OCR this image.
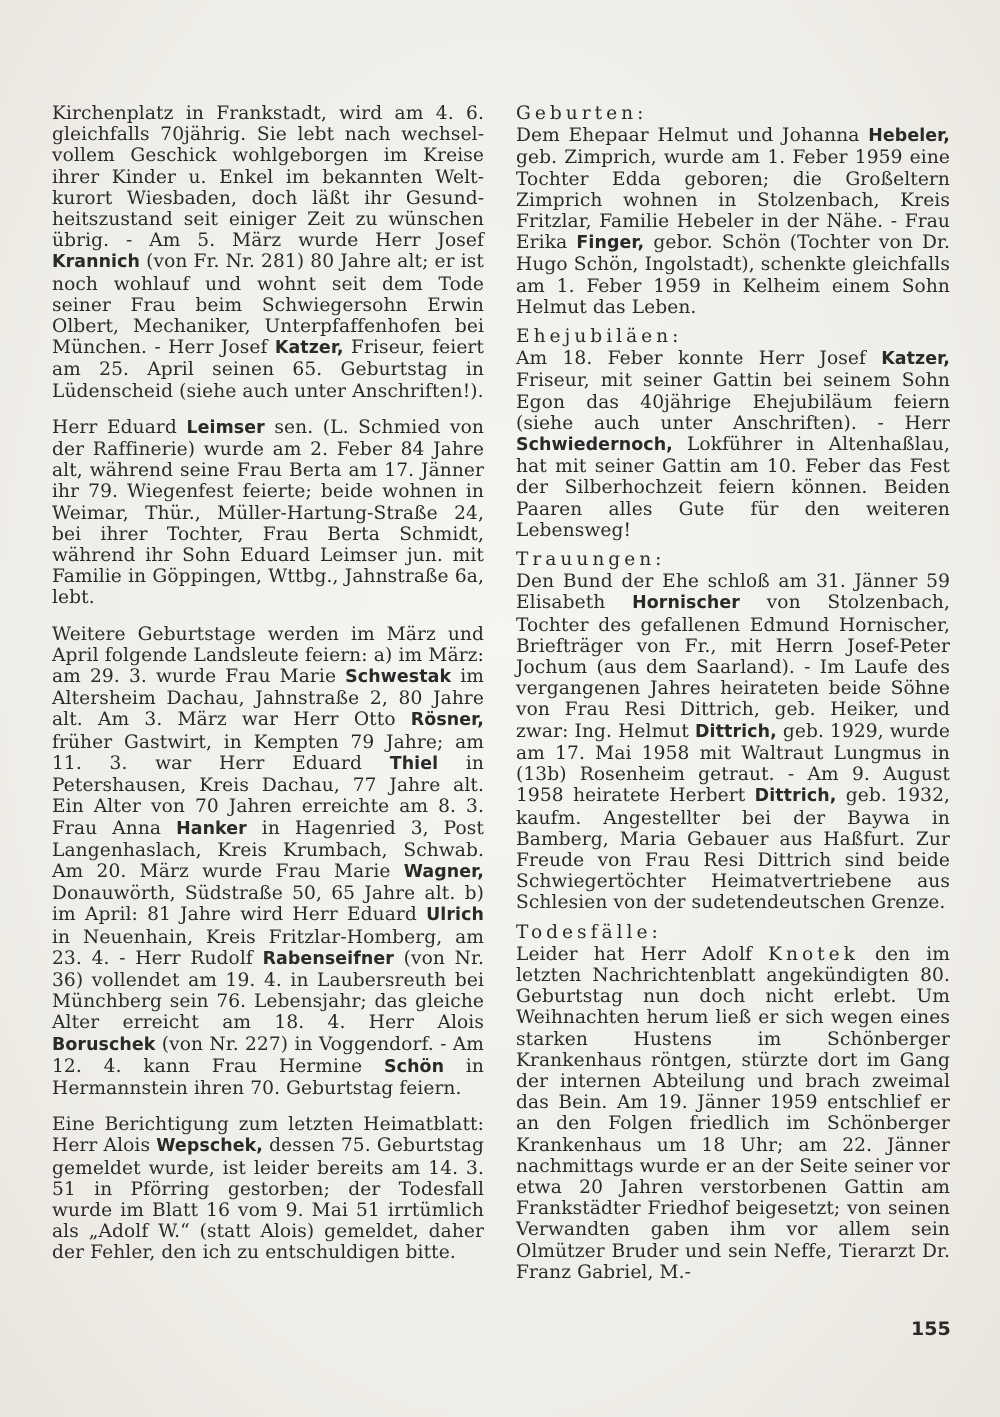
Kirchenplatz in Frankstadt, wird am 4. 6. gleichfalls 70jährig. Sie lebt nach wechselvollem Geschick wohlgeborgen im Kreise ihrer Kinder u. Enkel im bekannten Weltkurort Wiesbaden, doch läßt ihr Gesundheitszustand seit einiger Zeit zu wünschen übrig. - Am 5. März wurde Herr Josef Krannich (von Fr. Nr. 281) 80 Jahre alt; er ist noch wohlauf und wohnt seit dem Tode seiner Frau beim Schwiegersohn Erwin Olbert, Mechaniker, Unterpfaffenhofen bei München. - Herr Josef Katzer, Friseur, feiert am 25. April seinen 65. Geburtstag in Lüdenscheid (siehe auch unter Anschriften!).

Herr Eduard Leimser sen. (L. Schmied von der Raffinerie) wurde am 2. Feber 84 Jahre alt, während seine Frau Berta am 17. Jänner ihr 79. Wiegenfest feierte; beide wohnen in Weimar, Thür., Müller-Hartung-Straße 24, bei ihrer Tochter, Frau Berta Schmidt, während ihr Sohn Eduard Leimser jun. mit Familie in Göppingen, Wttbg., Jahnstraße 6a, lebt.

Weitere Geburtstage werden im März und April folgende Landsleute feiern: a) im März: am 29. 3. wurde Frau Marie Schwestak im Altersheim Dachau, Jahnstraße 2, 80 Jahre alt. Am 3. März war Herr Otto Rösner, früher Gastwirt, in Kempten 79 Jahre; am 11. 3. war Herr Eduard Thiel in Petershausen, Kreis Dachau, 77 Jahre alt. Ein Alter von 70 Jahren erreichte am 8. 3. Frau Anna Hanker in Hagenried 3, Post Langenhaslach, Kreis Krumbach, Schwab. Am 20. März wurde Frau Marie Wagner, Donauwörth, Südstraße 50, 65 Jahre alt. b) im April: 81 Jahre wird Herr Eduard Ulrich in Neuenhain, Kreis Fritzlar-Homberg, am 23. 4. - Herr Rudolf Rabenseifner (von Nr. 36) vollendet am 19. 4. in Laubersreuth bei Münchberg sein 76. Lebensjahr; das gleiche Alter erreicht am 18. 4. Herr Alois Boruschek (von Nr. 227) in Voggendorf. - Am 12. 4. kann Frau Hermine Schön in Hermannstein ihren 70. Geburtstag feiern.

Eine Berichtigung zum letzten Heimatblatt: Herr Alois Wepschek, dessen 75. Geburtstag gemeldet wurde, ist leider bereits am 14. 3. 51 in Pförring gestorben; der Todesfall wurde im Blatt 16 vom 9. Mai 51 irrtümlich als „Adolf W.“ (statt Alois) gemeldet, daher der Fehler, den ich zu entschuldigen bitte.

Geburten:

Dem Ehepaar Helmut und Johanna Hebeler, geb. Zimprich, wurde am 1. Feber 1959 eine Tochter Edda geboren; die Großeltern Zimprich wohnen in Stolzenbach, Kreis Fritzlar, Familie Hebeler in der Nähe. - Frau Erika Finger, gebor. Schön (Tochter von Dr. Hugo Schön, Ingolstadt), schenkte gleichfalls am 1. Feber 1959 in Kelheim einem Sohn Helmut das Leben.

Ehejubiläen:

Am 18. Feber konnte Herr Josef Katzer, Friseur, mit seiner Gattin bei seinem Sohn Egon das 40jährige Ehejubiläum feiern (siehe auch unter Anschriften). - Herr Schwiedernoch, Lokführer in Altenhaßlau, hat mit seiner Gattin am 10. Feber das Fest der Silberhochzeit feiern können. Beiden Paaren alles Gute für den weiteren Lebensweg!

Trauungen:

Den Bund der Ehe schloß am 31. Jänner 59 Elisabeth Hornischer von Stolzenbach, Tochter des gefallenen Edmund Hornischer, Briefträger von Fr., mit Herrn Josef-Peter Jochum (aus dem Saarland). - Im Laufe des vergangenen Jahres heirateten beide Söhne von Frau Resi Dittrich, geb. Heiker, und zwar: Ing. Helmut Dittrich, geb. 1929, wurde am 17. Mai 1958 mit Waltraut Lungmus in (13b) Rosenheim getraut. - Am 9. August 1958 heiratete Herbert Dittrich, geb. 1932, kaufm. Angestellter bei der Baywa in Bamberg, Maria Gebauer aus Haßfurt. Zur Freude von Frau Resi Dittrich sind beide Schwiegertöchter Heimatvertriebene aus Schlesien von der sudetendeutschen Grenze.

Todesfälle:

Leider hat Herr Adolf Knotek den im letzten Nachrichtenblatt angekündigten 80. Geburtstag nun doch nicht erlebt. Um Weihnachten herum ließ er sich wegen eines starken Hustens im Schönberger Krankenhaus röntgen, stürzte dort im Gang der internen Abteilung und brach zweimal das Bein. Am 19. Jänner 1959 entschlief er an den Folgen friedlich im Schönberger Krankenhaus um 18 Uhr; am 22. Jänner nachmittags wurde er an der Seite seiner vor etwa 20 Jahren verstorbenen Gattin am Frankstädter Friedhof beigesetzt; von seinen Verwandten gaben ihm vor allem sein Olmützer Bruder und sein Neffe, Tierarzt Dr. Franz Gabriel, M.-

155
